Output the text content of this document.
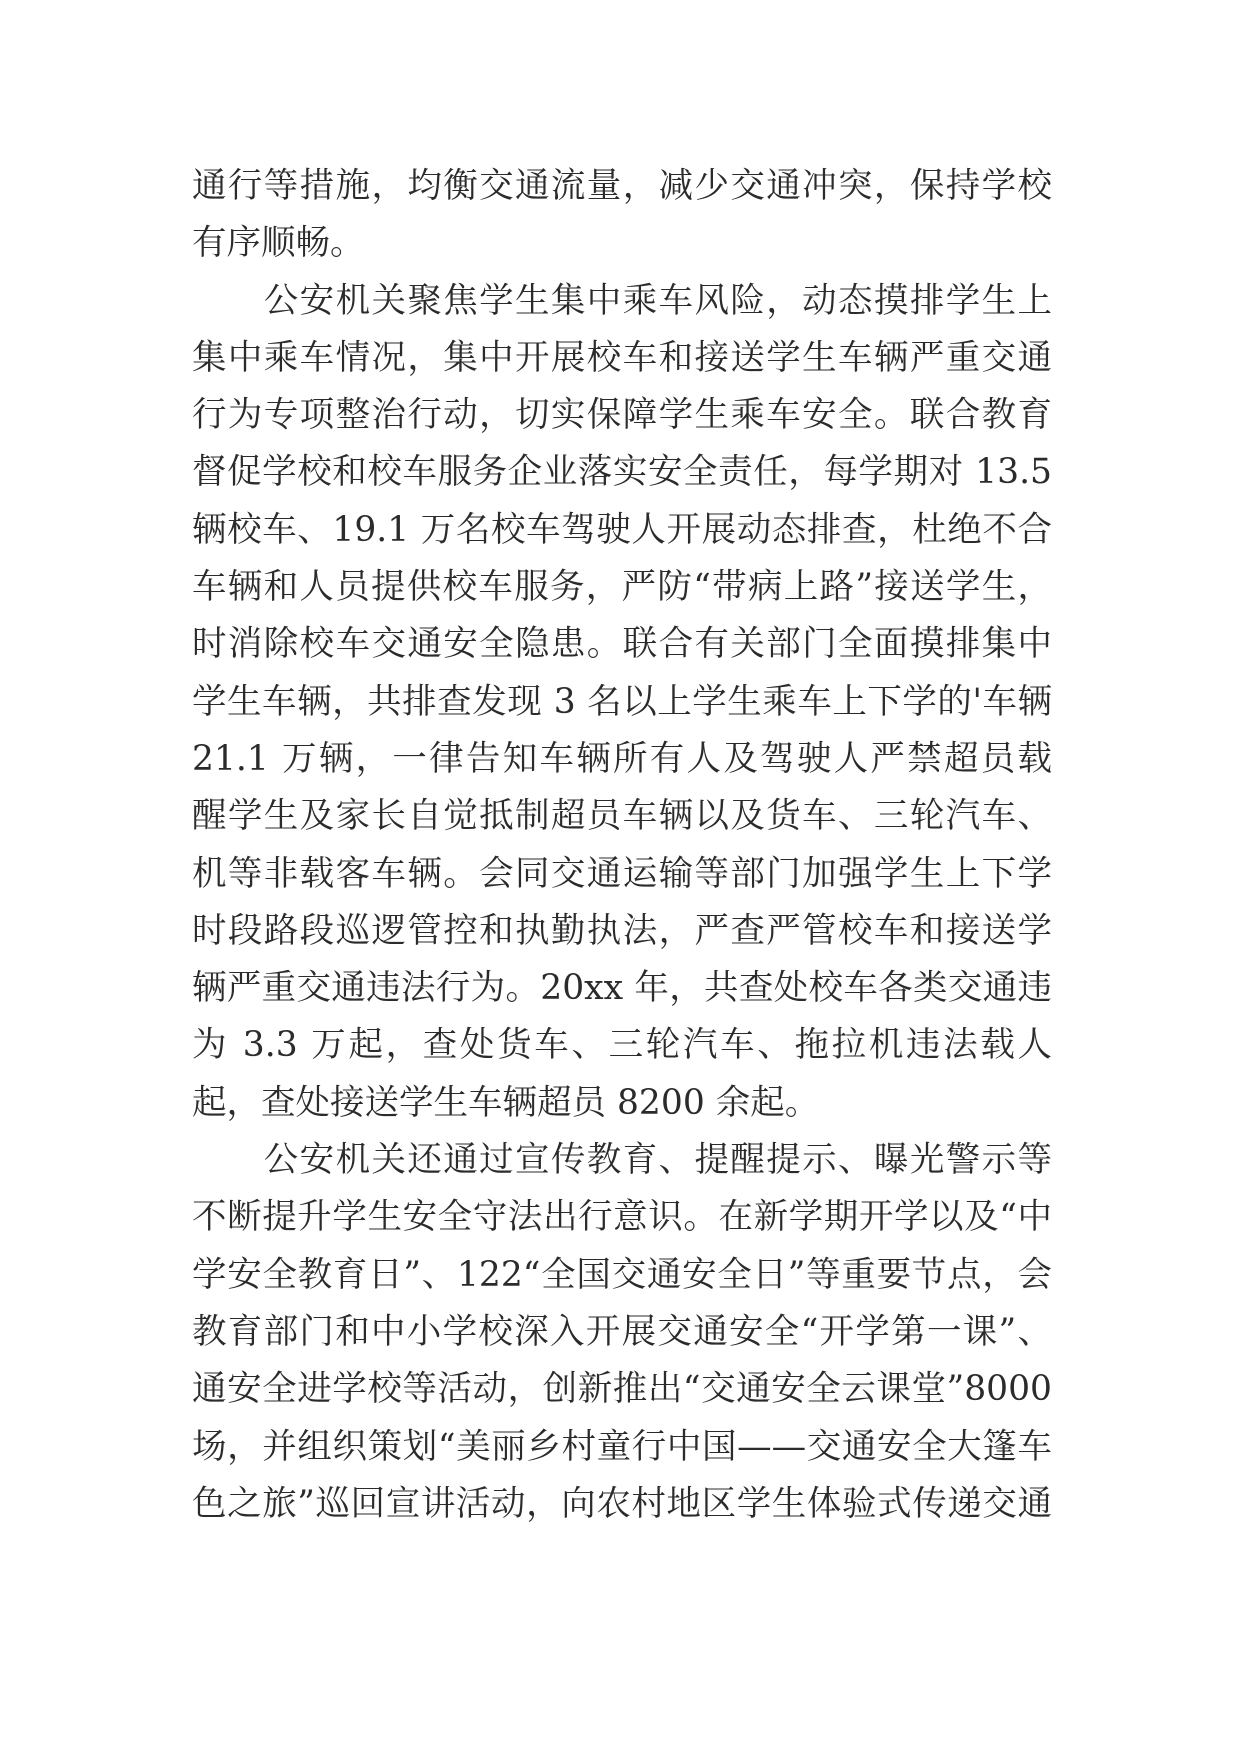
通行等措施，均衡交通流量，减少交通冲突，保持学校
有序顺畅。
　　公安机关聚焦学生集中乘车风险，动态摸排学生上
集中乘车情况，集中开展校车和接送学生车辆严重交通
行为专项整治行动，切实保障学生乘车安全。联合教育
督促学校和校车服务企业落实安全责任，每学期对 13.5
辆校车、19.1 万名校车驾驶人开展动态排查，杜绝不合
车辆和人员提供校车服务，严防“带病上路”接送学生，
时消除校车交通安全隐患。联合有关部门全面摸排集中
学生车辆，共排查发现 3 名以上学生乘车上下学的'车辆
21.1 万辆，一律告知车辆所有人及驾驶人严禁超员载
醒学生及家长自觉抵制超员车辆以及货车、三轮汽车、
机等非载客车辆。会同交通运输等部门加强学生上下学
时段路段巡逻管控和执勤执法，严查严管校车和接送学
辆严重交通违法行为。20xx 年，共查处校车各类交通违
为 3.3 万起，查处货车、三轮汽车、拖拉机违法载人
起，查处接送学生车辆超员 8200 余起。
　　公安机关还通过宣传教育、提醒提示、曝光警示等
不断提升学生安全守法出行意识。在新学期开学以及“中
学安全教育日”、122“全国交通安全日”等重要节点，会
教育部门和中小学校深入开展交通安全“开学第一课”、
通安全进学校等活动，创新推出“交通安全云课堂”8000
场，并组织策划“美丽乡村童行中国——交通安全大篷车
色之旅”巡回宣讲活动，向农村地区学生体验式传递交通
